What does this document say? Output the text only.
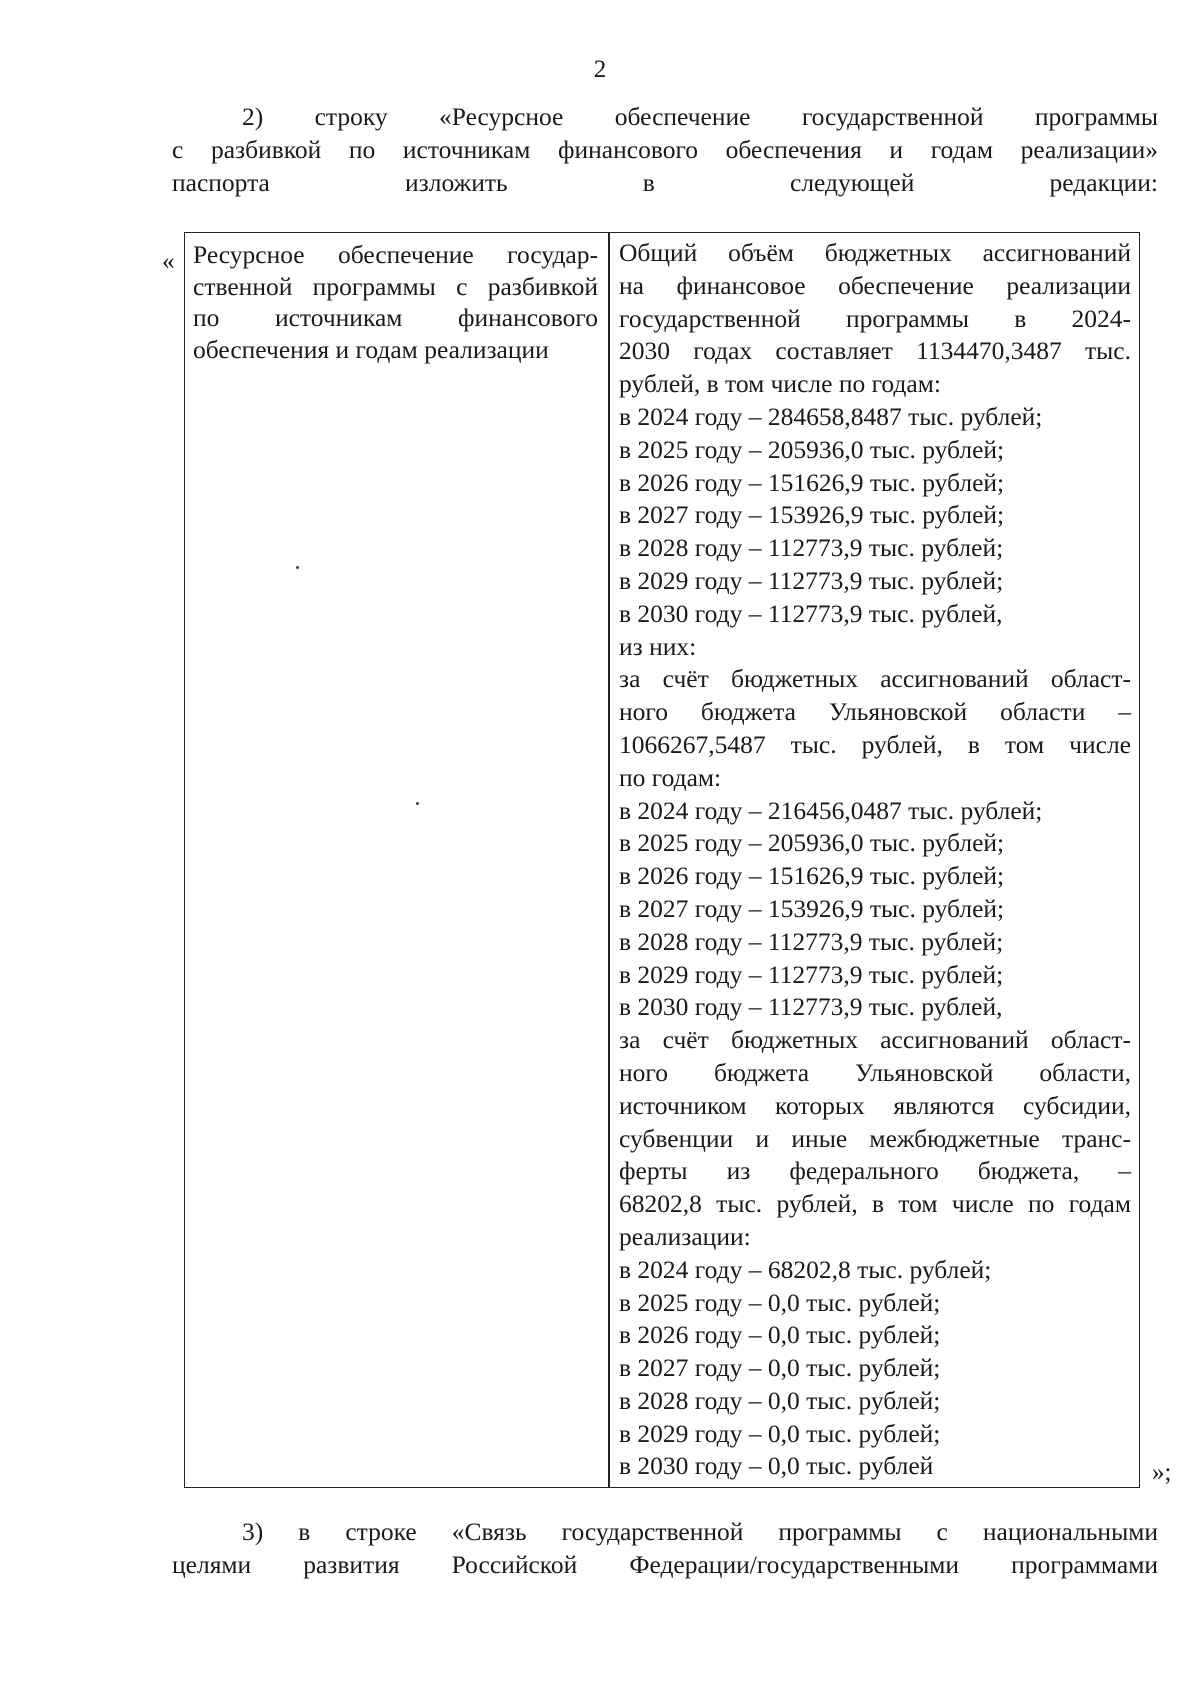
2
2) строку «Ресурсное обеспечение государственной программы
с разбивкой по источникам финансового обеспечения и годам реализации»
паспорта изложить в следующей редакции:
« Ресурсное обеспечение государ-
ственной программы с разбивкой
по источникам финансового
обеспечения и годам реализации
Общий объём бюджетных ассигнований
на финансовое обеспечение реализации
государственной программы в 2024-
2030 годах составляет 1134470,3487 тыс.
рублей, в том числе по годам:
в 2024 году – 284658,8487 тыс. рублей;
в 2025 году – 205936,0 тыс. рублей;
в 2026 году – 151626,9 тыс. рублей;
в 2027 году – 153926,9 тыс. рублей;
в 2028 году – 112773,9 тыс. рублей;
в 2029 году – 112773,9 тыс. рублей;
в 2030 году – 112773,9 тыс. рублей,
из них:
за счёт бюджетных ассигнований област-
ного бюджета Ульяновской области –
1066267,5487 тыс. рублей, в том числе
по годам:
в 2024 году – 216456,0487 тыс. рублей;
в 2025 году – 205936,0 тыс. рублей;
в 2026 году – 151626,9 тыс. рублей;
в 2027 году – 153926,9 тыс. рублей;
в 2028 году – 112773,9 тыс. рублей;
в 2029 году – 112773,9 тыс. рублей;
в 2030 году – 112773,9 тыс. рублей,
за счёт бюджетных ассигнований област-
ного бюджета Ульяновской области,
источником которых являются субсидии,
субвенции и иные межбюджетные транс-
ферты из федерального бюджета, –
68202,8 тыс. рублей, в том числе по годам
реализации:
в 2024 году – 68202,8 тыс. рублей;
в 2025 году – 0,0 тыс. рублей;
в 2026 году – 0,0 тыс. рублей;
в 2027 году – 0,0 тыс. рублей;
в 2028 году – 0,0 тыс. рублей;
в 2029 году – 0,0 тыс. рублей;
в 2030 году – 0,0 тыс. рублей	»;
3) в строке «Связь государственной программы с национальными
целями развития Российской Федерации/государственными программами
